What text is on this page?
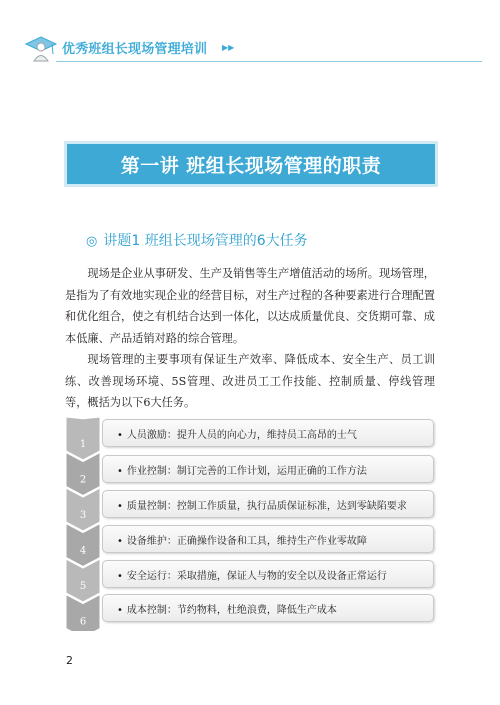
优秀班组长现场管理培训 ▶▶
第一讲 班组长现场管理的职责
◎ 讲题1 班组长现场管理的6大任务

现场是企业从事研发、生产及销售等生产增值活动的场所。现场管理，是指为了有效地实现企业的经营目标，对生产过程的各种要素进行合理配置和优化组合，使之有机结合达到一体化，以达成质量优良、交货期可靠、成本低廉、产品适销对路的综合管理。

现场管理的主要事项有保证生产效率、降低成本、安全生产、员工训练、改善现场环境、5S管理、改进员工工作技能、控制质量、停线管理等，概括为以下6大任务。

1
2
3
4
5
6
• 人员激励：提升人员的向心力，维持员工高昂的士气
• 作业控制：制订完善的工作计划，运用正确的工作方法
• 质量控制：控制工作质量，执行品质保证标准，达到零缺陷要求
• 设备维护：正确操作设备和工具，维持生产作业零故障
• 安全运行：采取措施，保证人与物的安全以及设备正常运行
• 成本控制：节约物料，杜绝浪费，降低生产成本
2
